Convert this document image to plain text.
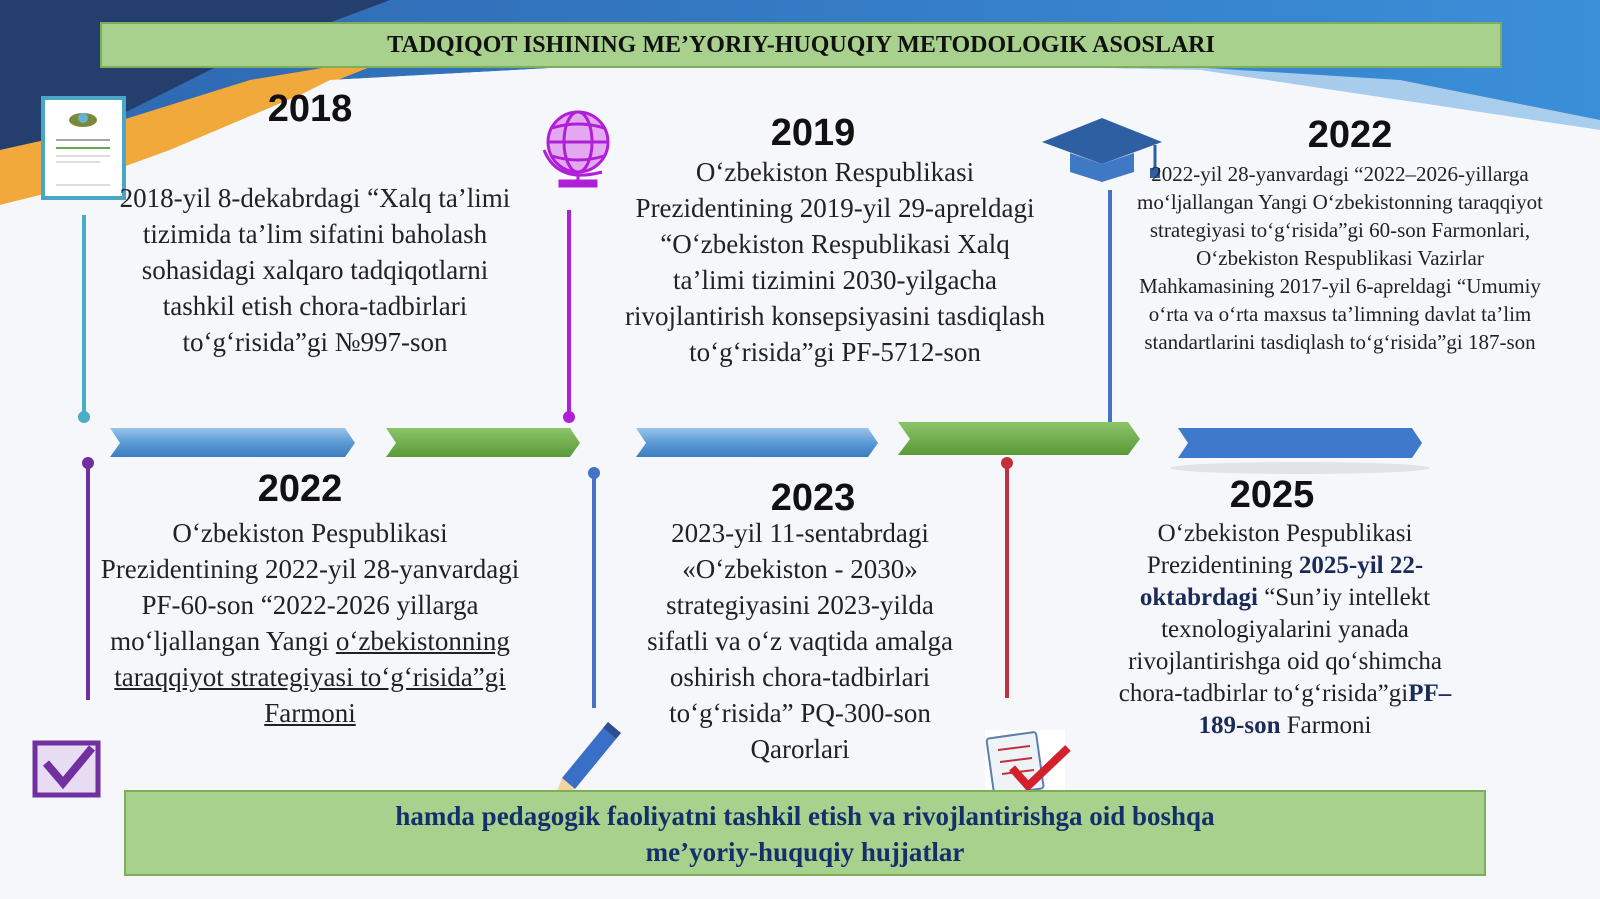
TADQIQOT ISHINING ME’YORIY-HUQUQIY METODOLOGIK ASOSLARI
2018
2018-yil 8-dekabrdagi “Xalq ta’limi tizimida ta’lim sifatini baholash sohasidagi xalqaro tadqiqotlarni tashkil etish chora-tadbirlari to‘g‘risida”gi №997-son
2019
O‘zbekiston Respublikasi Prezidentining 2019-yil 29-apreldagi “O‘zbekiston Respublikasi Xalq ta’limi tizimini 2030-yilgacha rivojlantirish konsepsiyasini tasdiqlash to‘g‘risida”gi PF-5712-son
2022
2022-yil 28-yanvardagi “2022–2026-yillarga mo‘ljallangan Yangi O‘zbekistonning taraqqiyot strategiyasi to‘g‘risida”gi 60-son Farmonlari, O‘zbekiston Respublikasi Vazirlar Mahkamasining 2017-yil 6-apreldagi “Umumiy o‘rta va o‘rta maxsus ta’limning davlat ta’lim standartlarini tasdiqlash to‘g‘risida”gi 187-son
2022
O‘zbekiston Pespublikasi Prezidentining 2022-yil 28-yanvardagi PF-60-son “2022-2026 yillarga mo‘ljallangan Yangi o‘zbekistonning taraqqiyot strategiyasi to‘g‘risida”gi Farmoni
2023
2023-yil 11-sentabrdagi «O‘zbekiston - 2030» strategiyasini 2023-yilda sifatli va o‘z vaqtida amalga oshirish chora-tadbirlari to‘g‘risida” PQ-300-son Qarorlari
2025
O‘zbekiston Pespublikasi Prezidentining 2025-yil 22-oktabrdagi “Sun’iy intellekt texnologiyalarini yanada rivojlantirishga oid qo‘shimcha chora-tadbirlar to‘g‘risida”giPF–189-son Farmoni
hamda pedagogik faoliyatni tashkil etish va rivojlantirishga oid boshqa
me’yoriy-huquqiy hujjatlar
